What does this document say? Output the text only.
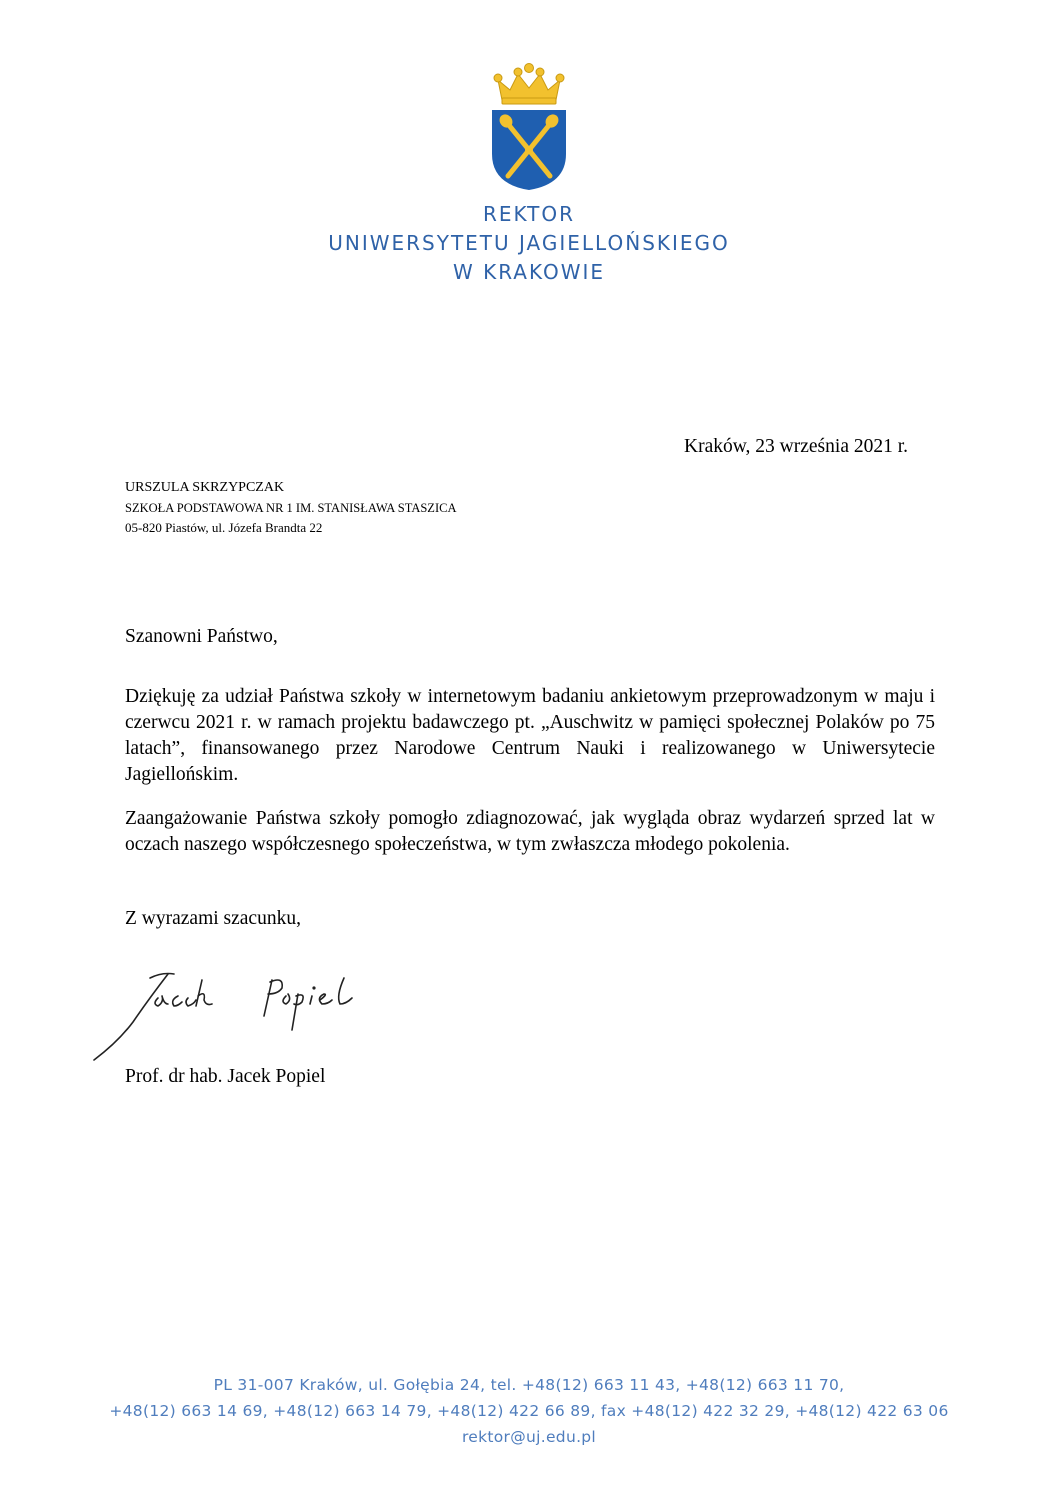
REKTOR
UNIWERSYTETU JAGIELLOŃSKIEGO
W KRAKOWIE
Kraków, 23 września 2021 r.
URSZULA SKRZYPCZAK
SZKOŁA PODSTAWOWA NR 1 IM. STANISŁAWA STASZICA
05-820 Piastów, ul. Józefa Brandta 22
Szanowni Państwo,
Dziękuję za udział Państwa szkoły w internetowym badaniu ankietowym przeprowadzonym w maju i czerwcu 2021 r. w ramach projektu badawczego pt. „Auschwitz w pamięci społecznej Polaków po 75 latach”, finansowanego przez Narodowe Centrum Nauki i realizowanego w Uniwersytecie Jagiellońskim.
Zaangażowanie Państwa szkoły pomogło zdiagnozować, jak wygląda obraz wydarzeń sprzed lat w oczach naszego współczesnego społeczeństwa, w tym zwłaszcza młodego pokolenia.
Z wyrazami szacunku,
Prof. dr hab. Jacek Popiel
PL 31-007 Kraków, ul. Gołębia 24, tel. +48(12) 663 11 43, +48(12) 663 11 70,
+48(12) 663 14 69, +48(12) 663 14 79, +48(12) 422 66 89, fax +48(12) 422 32 29, +48(12) 422 63 06
rektor@uj.edu.pl
